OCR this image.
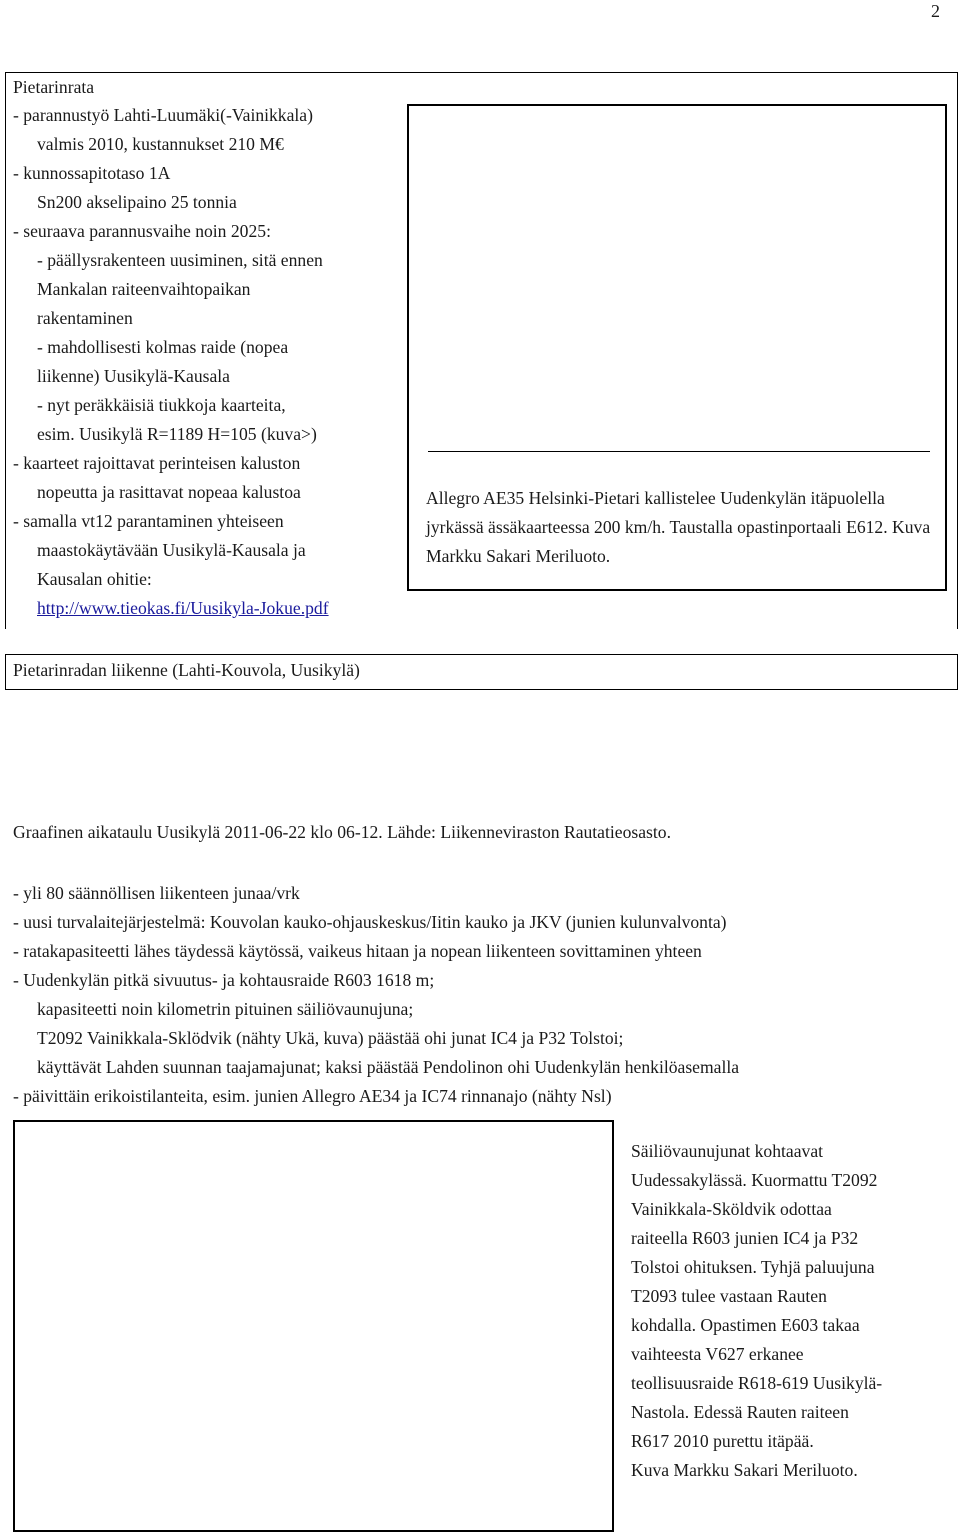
2
Pietarinrata
- parannustyö Lahti-Luumäki(-Vainikkala)
valmis 2010, kustannukset 210 M€
- kunnossapitotaso 1A
Sn200 akselipaino 25 tonnia
- seuraava parannusvaihe noin 2025:
- päällysrakenteen uusiminen, sitä ennen
Mankalan raiteenvaihtopaikan
rakentaminen
- mahdollisesti kolmas raide (nopea
liikenne) Uusikylä-Kausala
- nyt peräkkäisiä tiukkoja kaarteita,
esim. Uusikylä R=1189 H=105 (kuva>)
- kaarteet rajoittavat perinteisen kaluston
nopeutta ja rasittavat nopeaa kalustoa
- samalla vt12 parantaminen yhteiseen
maastokäytävään Uusikylä-Kausala ja
Kausalan ohitie:
http://www.tieokas.fi/Uusikyla-Jokue.pdf
Allegro AE35 Helsinki-Pietari kallistelee Uudenkylän itäpuolella jyrkässä ässäkaarteessa 200 km/h. Taustalla opastinportaali E612. Kuva Markku Sakari Meriluoto.
Pietarinradan liikenne (Lahti-Kouvola, Uusikylä)
Graafinen aikataulu Uusikylä 2011-06-22 klo 06-12. Lähde: Liikenneviraston Rautatieosasto.
- yli 80 säännöllisen liikenteen junaa/vrk
- uusi turvalaitejärjestelmä: Kouvolan kauko-ohjauskeskus/Iitin kauko ja JKV (junien kulunvalvonta)
- ratakapasiteetti lähes täydessä käytössä, vaikeus hitaan ja nopean liikenteen sovittaminen yhteen
- Uudenkylän pitkä sivuutus- ja kohtausraide R603 1618 m;
kapasiteetti noin kilometrin pituinen säiliövaunujuna;
T2092 Vainikkala-Sklödvik (nähty Ukä, kuva) päästää ohi junat IC4 ja P32 Tolstoi;
käyttävät Lahden suunnan taajamajunat; kaksi päästää Pendolinon ohi Uudenkylän henkilöasemalla
- päivittäin erikoistilanteita, esim. junien Allegro AE34 ja IC74 rinnanajo (nähty Nsl)
Säiliövaunujunat kohtaavat
Uudessakylässä. Kuormattu T2092
Vainikkala-Sköldvik odottaa
raiteella R603 junien IC4 ja P32
Tolstoi ohituksen. Tyhjä paluujuna
T2093 tulee vastaan Rauten
kohdalla. Opastimen E603 takaa
vaihteesta V627 erkanee
teollisuusraide R618-619 Uusikylä-
Nastola. Edessä Rauten raiteen
R617 2010 purettu itäpää.
Kuva Markku Sakari Meriluoto.
